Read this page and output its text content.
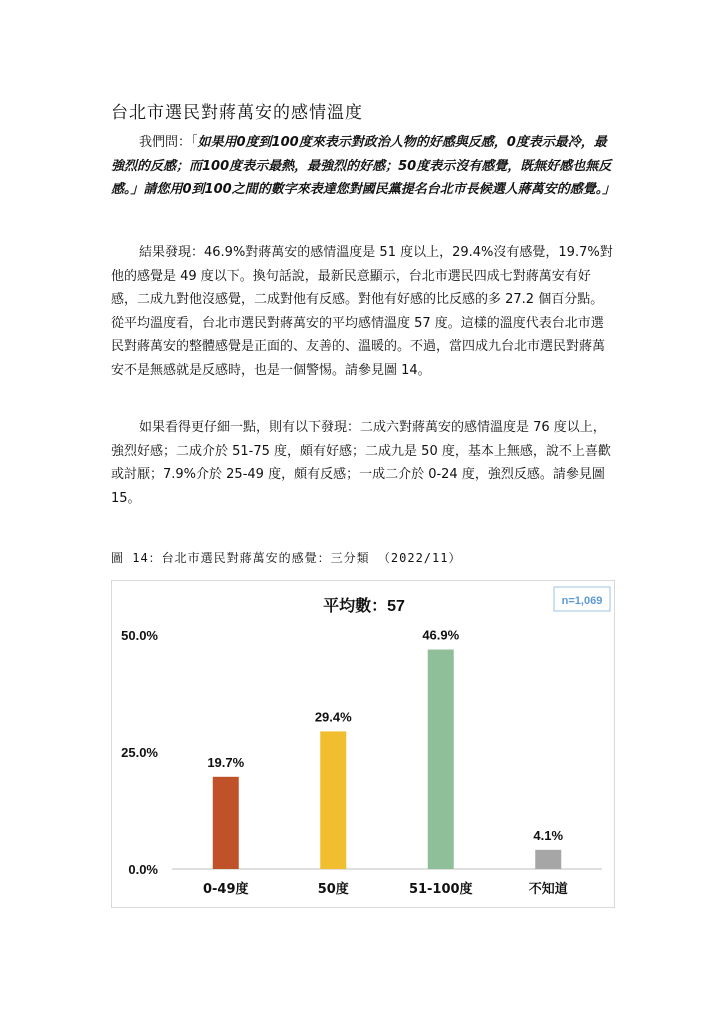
台北市選民對蔣萬安的感情溫度
我們問：「如果用0度到100度來表示對政治人物的好感與反感，0度表示最冷，最強烈的反感；而100度表示最熱，最強烈的好感；50度表示沒有感覺，既無好感也無反感。」請您用0到100之間的數字來表達您對國民黨提名台北市長候選人蔣萬安的感覺。」
結果發現：46.9%對蔣萬安的感情溫度是 51 度以上，29.4%沒有感覺，19.7%對他的感覺是 49 度以下。換句話說，最新民意顯示，台北市選民四成七對蔣萬安有好感，二成九對他沒感覺，二成對他有反感。對他有好感的比反感的多 27.2 個百分點。從平均溫度看，台北市選民對蔣萬安的平均感情溫度 57 度。這樣的溫度代表台北市選民對蔣萬安的整體感覺是正面的、友善的、溫暖的。不過，當四成九台北市選民對蔣萬安不是無感就是反感時，也是一個警惕。請參見圖 14。
如果看得更仔細一點，則有以下發現：二成六對蔣萬安的感情溫度是 76 度以上，強烈好感；二成介於 51-75 度，頗有好感；二成九是 50 度，基本上無感，說不上喜歡或討厭；7.9%介於 25-49 度，頗有反感；一成二介於 0-24 度，強烈反感。請參見圖 15。
圖 14：台北市選民對蔣萬安的感覺：三分類 （2022/11）
平均數：57	n=1,069
0.0%
25.0%
50.0%
19.7%
0-49度
29.4%
50度
46.9%
51-100度
4.1%
不知道
